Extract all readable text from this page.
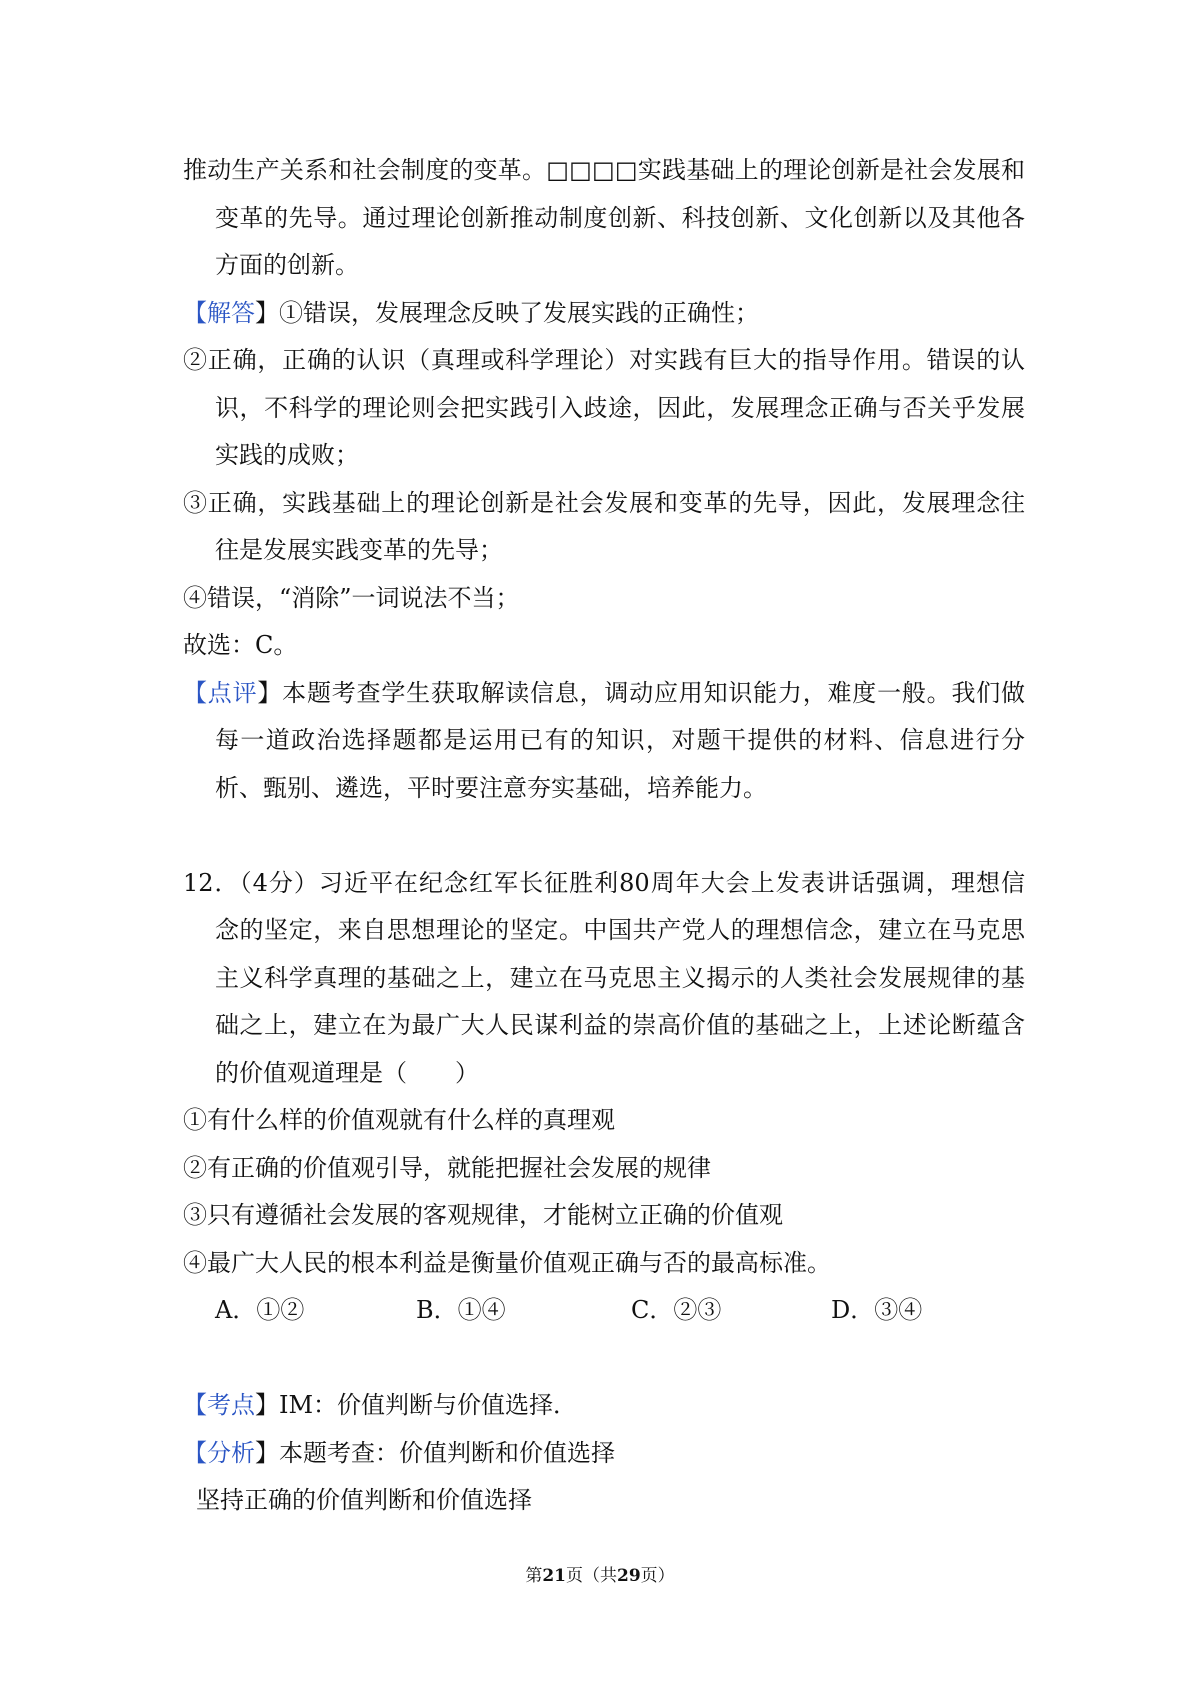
推动生产关系和社会制度的变革。□□□□实践基础上的理论创新是社会发展和
变革的先导。通过理论创新推动制度创新、科技创新、文化创新以及其他各
方面的创新。
【解答】①错误，发展理念反映了发展实践的正确性；
②正确，正确的认识（真理或科学理论）对实践有巨大的指导作用。错误的认
识，不科学的理论则会把实践引入歧途，因此，发展理念正确与否关乎发展
实践的成败；
③正确，实践基础上的理论创新是社会发展和变革的先导，因此，发展理念往
往是发展实践变革的先导；
④错误，“消除”一词说法不当；
故选：C。
【点评】本题考查学生获取解读信息，调动应用知识能力，难度一般。我们做
每一道政治选择题都是运用已有的知识，对题干提供的材料、信息进行分
析、甄别、遴选，平时要注意夯实基础，培养能力。
12．（4分）习近平在纪念红军长征胜利80周年大会上发表讲话强调，理想信
念的坚定，来自思想理论的坚定。中国共产党人的理想信念，建立在马克思
主义科学真理的基础之上，建立在马克思主义揭示的人类社会发展规律的基
础之上，建立在为最广大人民谋利益的崇高价值的基础之上，上述论断蕴含
的价值观道理是（　　）
①有什么样的价值观就有什么样的真理观
②有正确的价值观引导，就能把握社会发展的规律
③只有遵循社会发展的客观规律，才能树立正确的价值观
④最广大人民的根本利益是衡量价值观正确与否的最高标准。
A．①②	B．①④	C．②③	D．③④
【考点】IM：价值判断与价值选择．
【分析】本题考查：价值判断和价值选择
坚持正确的价值判断和价值选择
第21页（共29页）
